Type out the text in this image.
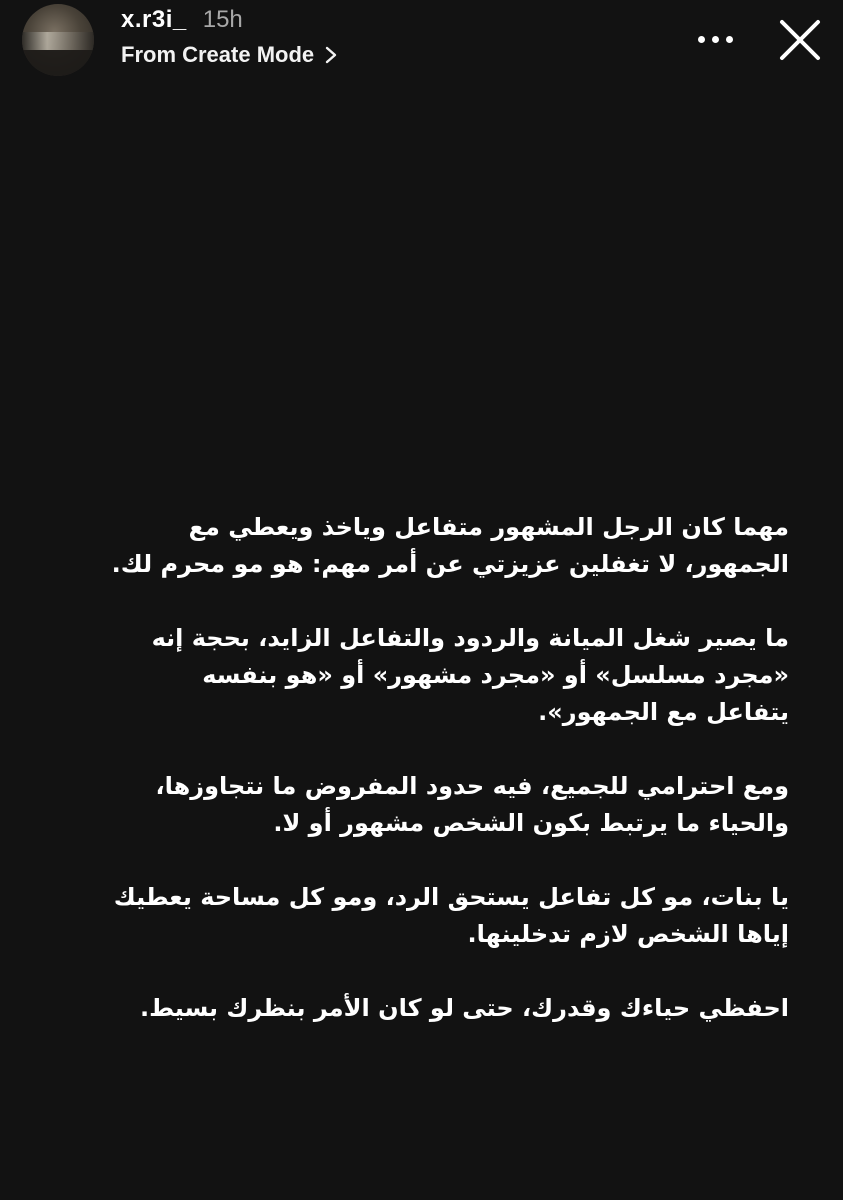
x.r3i_ 15h
From Create Mode

مهما كان الرجل المشهور متفاعل وياخذ ويعطي مع
الجمهور، لا تغفلين عزيزتي عن أمر مهم: هو مو محرم لك.

ما يصير شغل الميانة والردود والتفاعل الزايد، بحجة إنه
«مجرد مسلسل» أو «مجرد مشهور» أو «هو بنفسه
يتفاعل مع الجمهور».

ومع احترامي للجميع، فيه حدود المفروض ما نتجاوزها،
والحياء ما يرتبط بكون الشخص مشهور أو لا.

يا بنات، مو كل تفاعل يستحق الرد، ومو كل مساحة يعطيك
إياها الشخص لازم تدخلينها.

احفظي حياءك وقدرك، حتى لو كان الأمر بنظرك بسيط.
